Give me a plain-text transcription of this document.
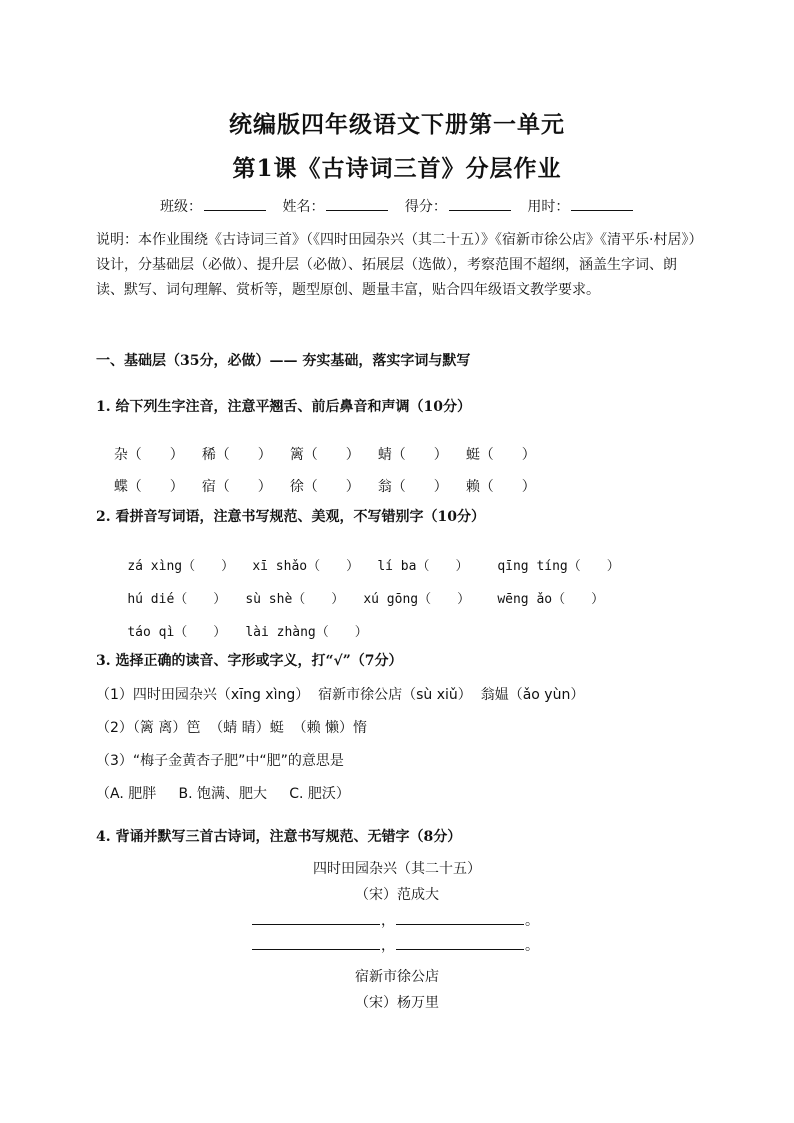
统编版四年级语文下册第一单元
第1课《古诗词三首》分层作业
班级：	姓名：	得分：	用时：
说明：本作业围绕《古诗词三首》（《四时田园杂兴（其二十五）》《宿新市徐公店》《清平乐·村居》）设计，分基础层（必做）、提升层（必做）、拓展层（选做），考察范围不超纲，涵盖生字词、朗读、默写、词句理解、赏析等，题型原创、题量丰富，贴合四年级语文教学要求。
一、基础层（35分，必做）—— 夯实基础，落实字词与默写
1. 给下列生字注音，注意平翘舌、前后鼻音和声调（10分）

杂（　　） 稀（　　） 篱（　　） 蜻（　　） 蜓（　　）

蝶（　　） 宿（　　） 徐（　　） 翁（　　） 赖（　　）

2. 看拼音写词语，注意书写规范、美观，不写错别字（10分）

zá xìng（　　） xī shǎo（　　） lí ba（　　） qīng tíng（　　）

hú dié（　　） sù shè（　　） xú gōng（　　） wēng ǎo（　　）

táo qì（　　） lài zhàng（　　）

3. 选择正确的读音、字形或字义，打“√”（7分）
（1）四时田园杂兴（xīng xìng）  宿新市徐公店（sù xiǔ）  翁媪（ǎo yùn）
（2）（篱 离）笆  （蜻 睛）蜓  （赖 懒）惰
（3）“梅子金黄杏子肥”中“肥”的意思是
（A. 肥胖     B. 饱满、肥大     C. 肥沃）
4. 背诵并默写三首古诗词，注意书写规范、无错字（8分）
四时田园杂兴（其二十五）
（宋）范成大
，	。
，	。
宿新市徐公店
（宋）杨万里
